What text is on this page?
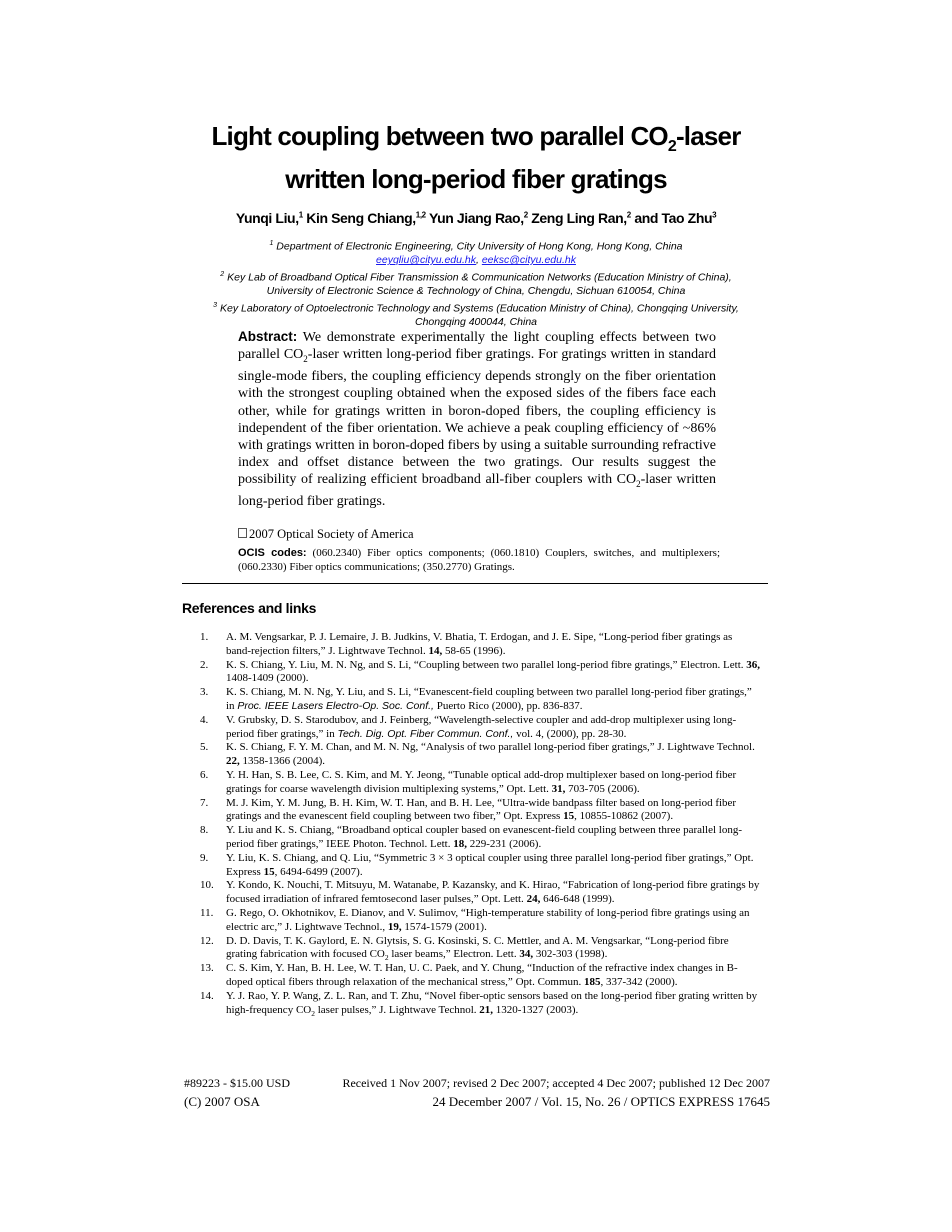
Light coupling between two parallel $CO_2$-laser
written long-period fiber gratings
Yunqi Liu,$^1$ Kin Seng Chiang,$^{1,2}$ Yun Jiang Rao,$^2$ Zeng Ling Ran,$^2$ and Tao Zhu$^3$
$^1$ Department of Electronic Engineering, City University of Hong Kong, Hong Kong, China
eeyqliu@cityu.edu.hk, eeksc@cityu.edu.hk
$^2$ Key Lab of Broadband Optical Fiber Transmission & Communication Networks (Education Ministry of China),
University of Electronic Science & Technology of China, Chengdu, Sichuan 610054, China
$^3$ Key Laboratory of Optoelectronic Technology and Systems (Education Ministry of China), Chongqing University,
Chongqing 400044, China
Abstract: We demonstrate experimentally the light coupling effects between two parallel $CO_2$-laser written long-period fiber gratings. For gratings written in standard single-mode fibers, the coupling efficiency depends strongly on the fiber orientation with the strongest coupling obtained when the exposed sides of the fibers face each other, while for gratings written in boron-doped fibers, the coupling efficiency is independent of the fiber orientation. We achieve a peak coupling efficiency of ~86% with gratings written in boron-doped fibers by using a suitable surrounding refractive index and offset distance between the two gratings. Our results suggest the possibility of realizing efficient broadband all-fiber couplers with $CO_2$-laser written long-period fiber gratings.
2007 Optical Society of America
OCIS codes: (060.2340) Fiber optics components; (060.1810) Couplers, switches, and multiplexers; (060.2330) Fiber optics communications; (350.2770) Gratings.
References and links
1. A. M. Vengsarkar, P. J. Lemaire, J. B. Judkins, V. Bhatia, T. Erdogan, and J. E. Sipe, “Long-period fiber gratings as band-rejection filters,” J. Lightwave Technol. 14, 58-65 (1996).
2. K. S. Chiang, Y. Liu, M. N. Ng, and S. Li, “Coupling between two parallel long-period fibre gratings,” Electron. Lett. 36, 1408-1409 (2000).
3. K. S. Chiang, M. N. Ng, Y. Liu, and S. Li, “Evanescent-field coupling between two parallel long-period fiber gratings,” in Proc. IEEE Lasers Electro-Op. Soc. Conf., Puerto Rico (2000), pp. 836-837.
4. V. Grubsky, D. S. Starodubov, and J. Feinberg, “Wavelength-selective coupler and add-drop multiplexer using long-period fiber gratings,” in Tech. Dig. Opt. Fiber Commun. Conf., vol. 4, (2000), pp. 28-30.
5. K. S. Chiang, F. Y. M. Chan, and M. N. Ng, “Analysis of two parallel long-period fiber gratings,” J. Lightwave Technol. 22, 1358-1366 (2004).
6. Y. H. Han, S. B. Lee, C. S. Kim, and M. Y. Jeong, “Tunable optical add-drop multiplexer based on long-period fiber gratings for coarse wavelength division multiplexing systems,” Opt. Lett. 31, 703-705 (2006).
7. M. J. Kim, Y. M. Jung, B. H. Kim, W. T. Han, and B. H. Lee, “Ultra-wide bandpass filter based on long-period fiber gratings and the evanescent field coupling between two fiber,” Opt. Express 15, 10855-10862 (2007).
8. Y. Liu and K. S. Chiang, “Broadband optical coupler based on evanescent-field coupling between three parallel long-period fiber gratings,” IEEE Photon. Technol. Lett. 18, 229-231 (2006).
9. Y. Liu, K. S. Chiang, and Q. Liu, “Symmetric 3 × 3 optical coupler using three parallel long-period fiber gratings,” Opt. Express 15, 6494-6499 (2007).
10. Y. Kondo, K. Nouchi, T. Mitsuyu, M. Watanabe, P. Kazansky, and K. Hirao, “Fabrication of long-period fibre gratings by focused irradiation of infrared femtosecond laser pulses,” Opt. Lett. 24, 646-648 (1999).
11. G. Rego, O. Okhotnikov, E. Dianov, and V. Sulimov, “High-temperature stability of long-period fibre gratings using an electric arc,” J. Lightwave Technol., 19, 1574-1579 (2001).
12. D. D. Davis, T. K. Gaylord, E. N. Glytsis, S. G. Kosinski, S. C. Mettler, and A. M. Vengsarkar, “Long-period fibre grating fabrication with focused $CO_2$ laser beams,” Electron. Lett. 34, 302-303 (1998).
13. C. S. Kim, Y. Han, B. H. Lee, W. T. Han, U. C. Paek, and Y. Chung, “Induction of the refractive index changes in B-doped optical fibers through relaxation of the mechanical stress,” Opt. Commun. 185, 337-342 (2000).
14. Y. J. Rao, Y. P. Wang, Z. L. Ran, and T. Zhu, “Novel fiber-optic sensors based on the long-period fiber grating written by high-frequency $CO_2$ laser pulses,” J. Lightwave Technol. 21, 1320-1327 (2003).
#89223 - $15.00 USD	Received 1 Nov 2007; revised 2 Dec 2007; accepted 4 Dec 2007; published 12 Dec 2007
(C) 2007 OSA	24 December 2007 / Vol. 15, No. 26 / OPTICS EXPRESS 17645
